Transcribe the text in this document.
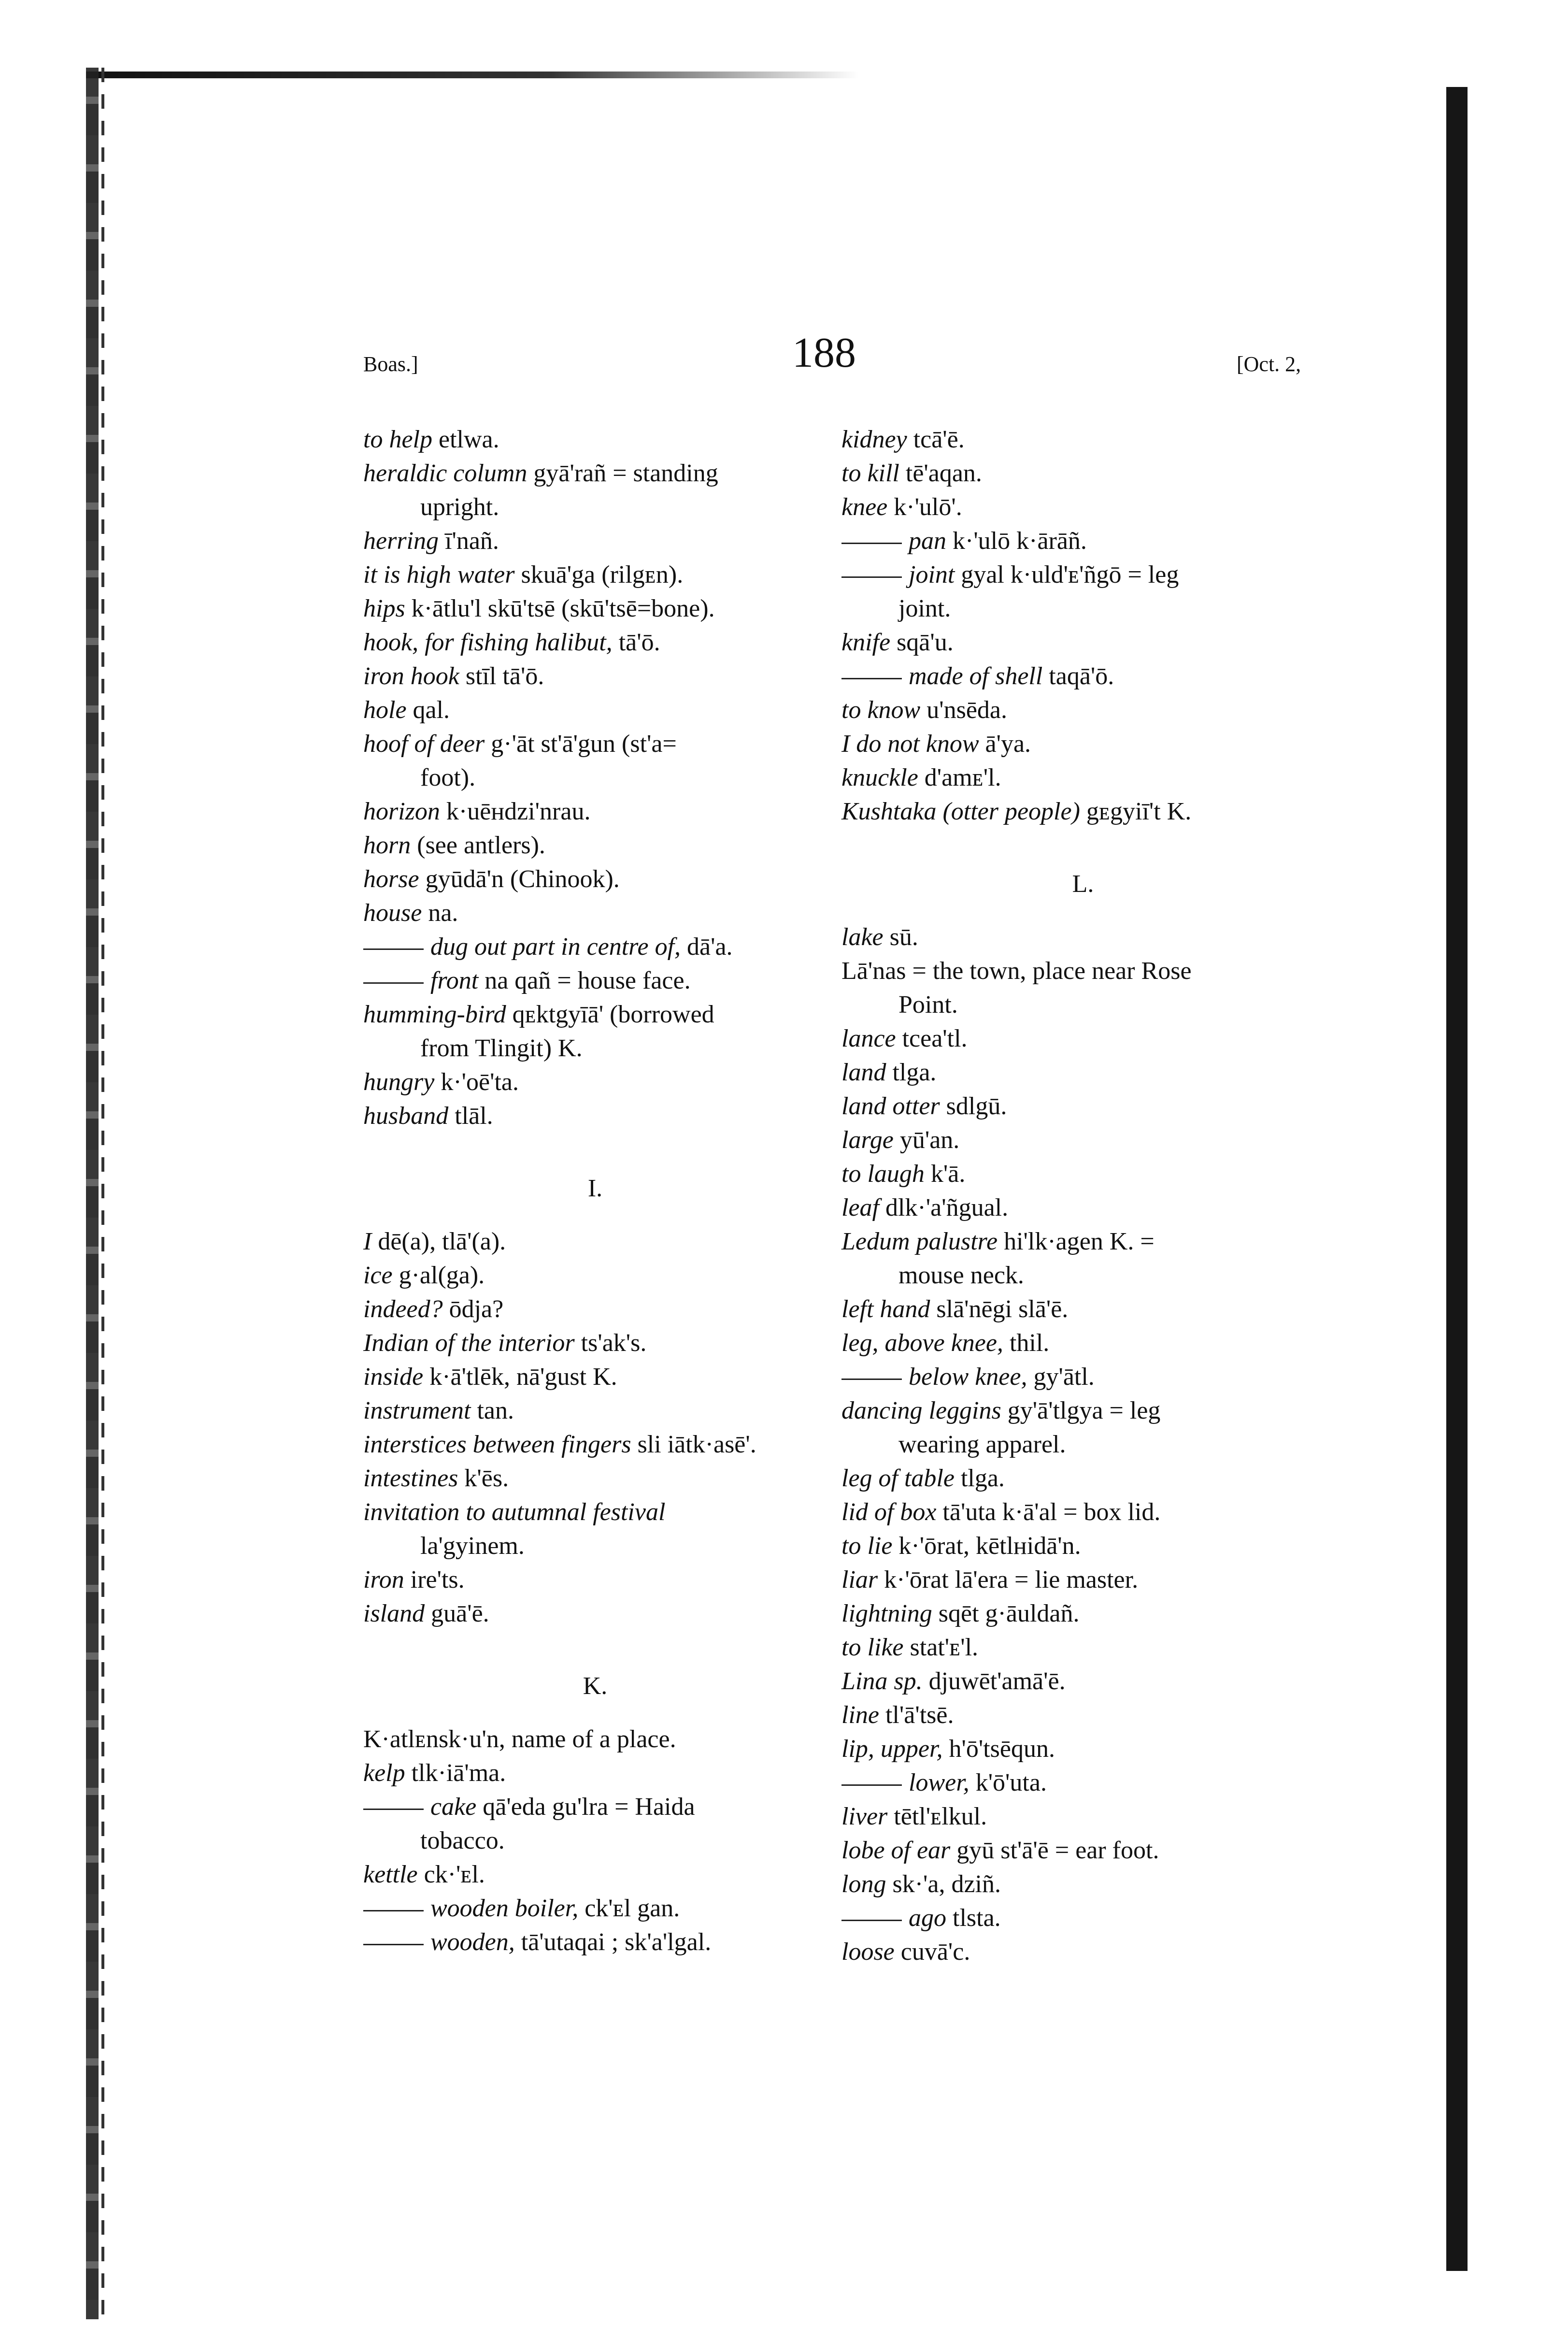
Boas.]	188	[Oct. 2,
to help etlwa.
heraldic column gyā'rañ = standing
upright.
herring ī'nañ.
it is high water skuā'ga (rilgᴇn).
hips k·ātlu'l skū'tsē (skū'tsē=bone).
hook, for fishing halibut, tā'ō.
iron hook stīl tā'ō.
hole qal.
hoof of deer g·'āt st'ā'gun (st'a=
foot).
horizon k·uēʜdzi'nrau.
horn (see antlers).
horse gyūdā'n (Chinook).
house na.
dug out part in centre of, dā'a.
front na qañ = house face.
humming-bird qᴇktgyīā' (borrowed
from Tlingit) K.
hungry k·'oē'ta.
husband tlāl.
I.
I dē(a), tlā'(a).
ice g·al(ga).
indeed? ōdja?
Indian of the interior ts'ak's.
inside k·ā'tlēk, nā'gust K.
instrument tan.
interstices between fingers sli iātk·asē'.
intestines k'ēs.
invitation to autumnal festival
la'gyinem.
iron ire'ts.
island guā'ē.
K.
K·atlᴇnsk·u'n, name of a place.
kelp tlk·iā'ma.
cake qā'eda gu'lra = Haida
tobacco.
kettle ck·'ᴇl.
wooden boiler, ck'ᴇl gan.
wooden, tā'utaqai ; sk'a'lgal.
kidney tcā'ē.
to kill tē'aqan.
knee k·'ulō'.
pan k·'ulō k·ārāñ.
joint gyal k·uld'ᴇ'ñgō = leg
joint.
knife sqā'u.
made of shell taqā'ō.
to know u'nsēda.
I do not know ā'ya.
knuckle d'amᴇ'l.
Kushtaka (otter people) gᴇgyiī't K.
L.
lake sū.
Lā'nas = the town, place near Rose
Point.
lance tcea'tl.
land tlga.
land otter sdlgū.
large yū'an.
to laugh k'ā.
leaf dlk·'a'ñgual.
Ledum palustre hi'lk·agen K. =
mouse neck.
left hand slā'nēgi slā'ē.
leg, above knee, thil.
below knee, gy'ātl.
dancing leggins gy'ā'tlgya = leg
wearing apparel.
leg of table tlga.
lid of box tā'uta k·ā'al = box lid.
to lie k·'ōrat, kētlʜidā'n.
liar k·'ōrat lā'era = lie master.
lightning sqēt g·āuldañ.
to like stat'ᴇ'l.
Lina sp. djuwēt'amā'ē.
line tl'ā'tsē.
lip, upper, h'ō'tsēqun.
lower, k'ō'uta.
liver tētl'ᴇlkul.
lobe of ear gyū st'ā'ē = ear foot.
long sk·'a, dziñ.
ago tlsta.
loose cuvā'c.
